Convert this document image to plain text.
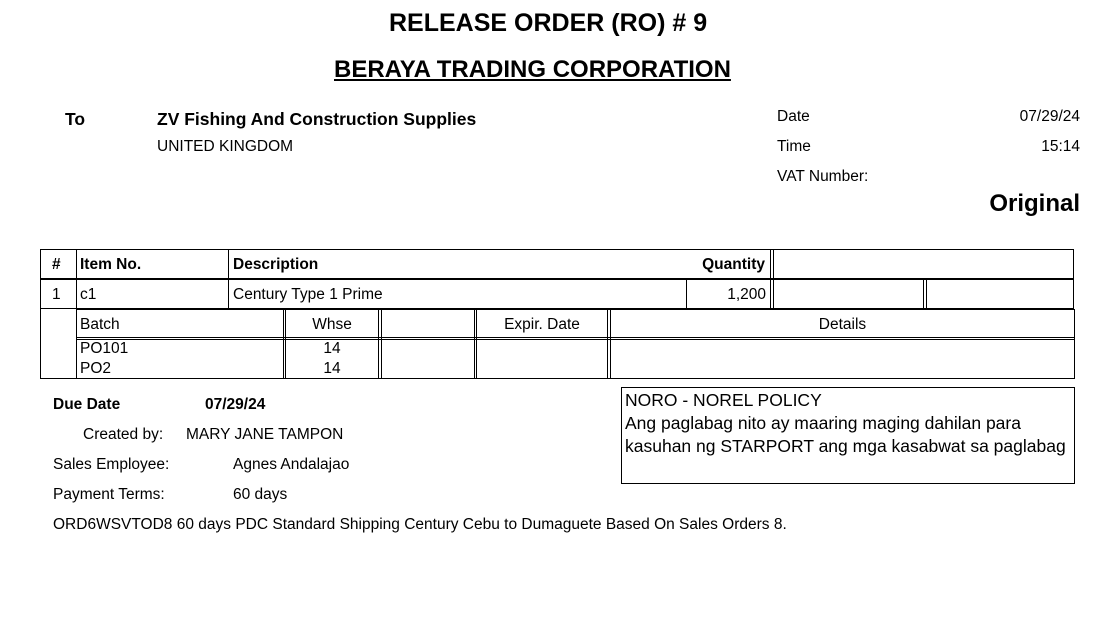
RELEASE ORDER (RO) # 9
BERAYA TRADING CORPORATION
To	ZV Fishing And Construction Supplies
UNITED KINGDOM
Date	07/29/24
Time	15:14
VAT Number:
Original
# Item No.	Description	Quantity
1 c1	Century Type 1 Prime	1,200
Batch	Whse	Expir. Date	Details
PO101	14
PO2	14
Due Date	07/29/24
Created by: MARY JANE TAMPON
Sales Employee:	Agnes Andalajao
Payment Terms:	60 days
ORD6WSVTOD8 60 days PDC Standard Shipping Century Cebu to Dumaguete Based On Sales Orders 8.
NORO - NOREL POLICY
Ang paglabag nito ay maaring maging dahilan para kasuhan ng STARPORT ang mga kasabwat sa paglabag
